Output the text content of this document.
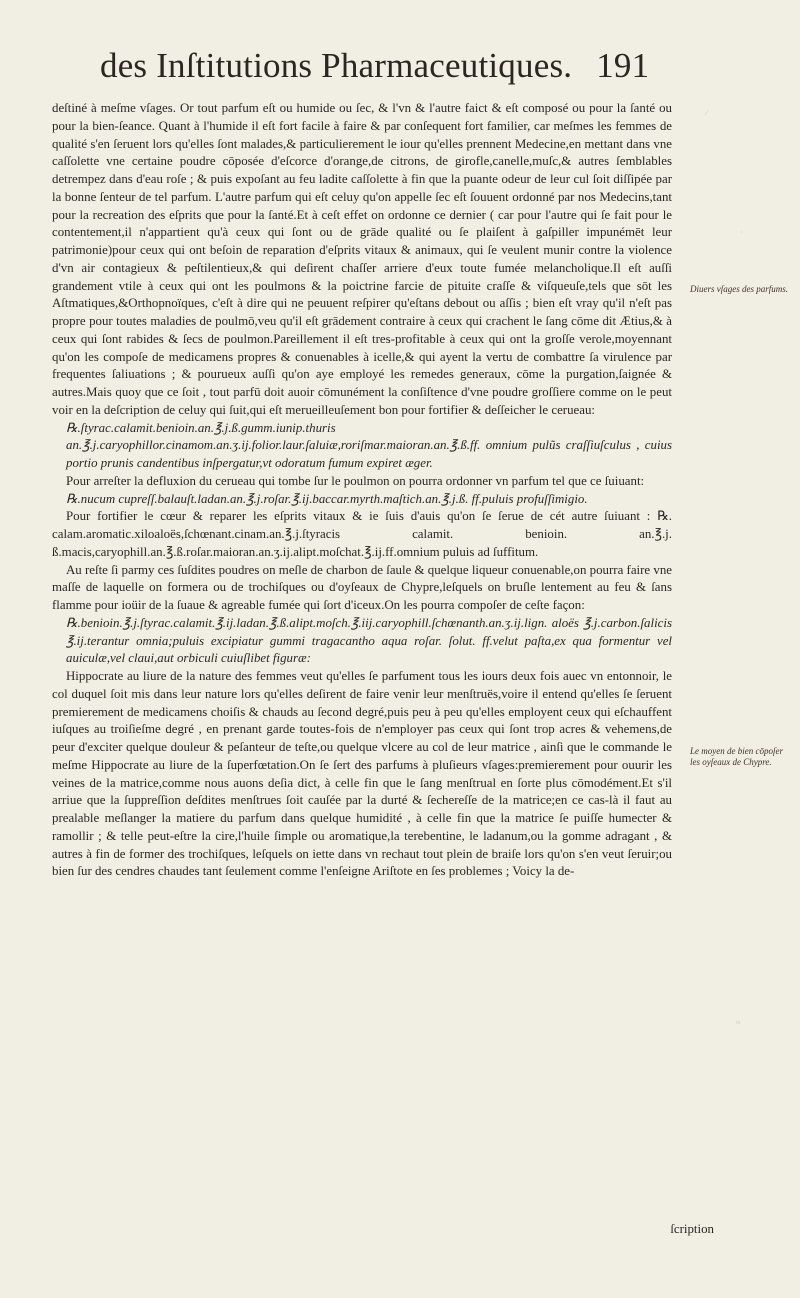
des Inſtitutions Pharmaceutiques. 191

deſtiné à meſme vſages. Or tout parfum eſt ou humide ou ſec, & l'vn & l'autre faict & eſt composé ou pour la ſanté ou pour la bien-ſeance. Quant à l'humide il eſt fort facile à faire & par conſequent fort familier, car meſmes les femmes de qualité s'en ſeruent lors qu'elles ſont malades,& particulierement le iour qu'elles prennent Medecine,en mettant dans vne caſſolette vne certaine poudre cōposée d'eſcorce d'orange,de citrons, de girofle,canelle,muſc,& autres ſemblables detrempez dans d'eau roſe ; & puis expoſant au feu ladite caſſolette à fin que la puante odeur de leur cul ſoit diſſipée par la bonne ſenteur de tel parfum. L'autre parfum qui eſt celuy qu'on appelle ſec eſt ſouuent ordonné par nos Medecins,tant pour la recreation des eſprits que pour la ſanté.Et à ceſt effet on ordonne ce dernier ( car pour l'autre qui ſe fait pour le contentement,il n'appartient qu'à ceux qui ſont ou de grāde qualité ou ſe plaiſent à gaſpiller impunémēt leur patrimonie)pour ceux qui ont beſoin de reparation d'eſprits vitaux & animaux, qui ſe veulent munir contre la violence d'vn air contagieux & peſtilentieux,& qui deſirent chaſſer arriere d'eux toute fumée melancholique.Il eſt auſſi grandement vtile à ceux qui ont les poulmons & la poictrine farcie de pituite craſſe & viſqueuſe,tels que sōt les Aſtmatiques,&Orthopnoïques, c'eſt à dire qui ne peuuent reſpirer qu'eſtans debout ou aſſis ; bien eſt vray qu'il n'eſt pas propre pour toutes maladies de poulmō,veu qu'il eſt grādement contraire à ceux qui crachent le ſang cōme dit Ætius,& à ceux qui ſont rabides & ſecs de poulmon.Pareillement il eſt tres-profitable à ceux qui ont la groſſe verole,moyennant qu'on les compoſe de medicamens propres & conuenables à icelle,& qui ayent la vertu de combattre ſa virulence par frequentes ſaliuations ; & pourueux auſſi qu'on aye employé les remedes generaux, cōme la purgation,ſaignée & autres.Mais quoy que ce ſoit , tout parfū doit auoir cōmunément la conſiſtence d'vne poudre groſſiere comme on le peut voir en la deſcription de celuy qui ſuit,qui eſt merueilleuſement bon pour fortifier & deſſeicher le cerueau:

℞.ſtyrac.calamit.benioin.an.℥.j.ß.gumm.iunip.thuris an.℥.j.caryophillor.cinamom.an.ʒ.ij.folior.laur.ſaluiæ,roriſmar.maioran.an.℥.ß.ff. omnium pulũs craſſiuſculus , cuius portio prunis candentibus inſpergatur,vt odoratum fumum expiret æger.

Pour arreſter la defluxion du cerueau qui tombe ſur le poulmon on pourra ordonner vn parfum tel que ce ſuiuant:

℞.nucum cupreſſ.balauſt.ladan.an.℥.j.roſar.℥.ij.baccar.myrth.maſtich.an.℥.j.ß. ff.puluis profuſſimigio.

Pour fortifier le cœur & reparer les eſprits vitaux & ie ſuis d'auis qu'on ſe ſerue de cét autre ſuiuant : ℞. calam.aromatic.xiloaloës,ſchœnant.cinam.an.℥.j.ſtyracis calamit. benioin. an.℥.j. ß.macis,caryophill.an.℥.ß.roſar.maioran.an.ʒ.ij.alipt.moſchat.℥.ij.ff.omnium puluis ad ſuffitum.

Au reſte ſi parmy ces ſuſdites poudres on meſle de charbon de ſaule & quelque liqueur conuenable,on pourra faire vne maſſe de laquelle on formera ou de trochiſques ou d'oyſeaux de Chypre,leſquels on bruſle lentement au feu & ſans flamme pour ioüir de la ſuaue & agreable fumée qui ſort d'iceux.On les pourra compoſer de ceſte façon:

℞.benioin.℥.j.ſtyrac.calamit.℥.ij.ladan.℥.ß.alipt.moſch.℥.iij.caryophill.ſchœnanth.an.ʒ.ij.lign. aloës ℥.j.carbon.ſalicis ℥.ij.terantur omnia;puluis excipiatur gummi tragacantho aqua roſar. ſolut. ff.velut paſta,ex qua formentur vel auiculæ,vel claui,aut orbiculi cuiuſlibet figuræ:

Hippocrate au liure de la nature des femmes veut qu'elles ſe parfument tous les iours deux fois auec vn entonnoir, le col duquel ſoit mis dans leur nature lors qu'elles deſirent de faire venir leur menſtruës,voire il entend qu'elles ſe ſeruent premierement de medicamens choiſis & chauds au ſecond degré,puis peu à peu qu'elles employent ceux qui eſchauffent iuſques au troiſieſme degré , en prenant garde toutes-fois de n'employer pas ceux qui ſont trop acres & vehemens,de peur d'exciter quelque douleur & peſanteur de teſte,ou quelque vlcere au col de leur matrice , ainſi que le commande le meſme Hippocrate au liure de la ſuperfœtation.On ſe ſert des parfums à pluſieurs vſages:premierement pour ouurir les veines de la matrice,comme nous auons deſia dict, à celle fin que le ſang menſtrual en ſorte plus cōmodément.Et s'il arriue que la ſuppreſſion deſdites menſtrues ſoit cauſée par la durté & ſechereſſe de la matrice;en ce cas-là il faut au prealable meſlanger la matiere du parfum dans quelque humidité , à celle fin que la matrice ſe puiſſe humecter & ramollir ; & telle peut-eſtre la cire,l'huile ſimple ou aromatique,la terebentine, le ladanum,ou la gomme adragant , & autres à fin de former des trochiſques, leſquels on iette dans vn rechaut tout plein de braiſe lors qu'on s'en veut ſeruir;ou bien ſur des cendres chaudes tant ſeulement comme l'enſeigne Ariſtote en ſes problemes ; Voicy la de-

Diuers vſages des parfums.
Le moyen de bien cōpoſer les oyſeaux de Chypre.
ſcription
⁄
·
≈
